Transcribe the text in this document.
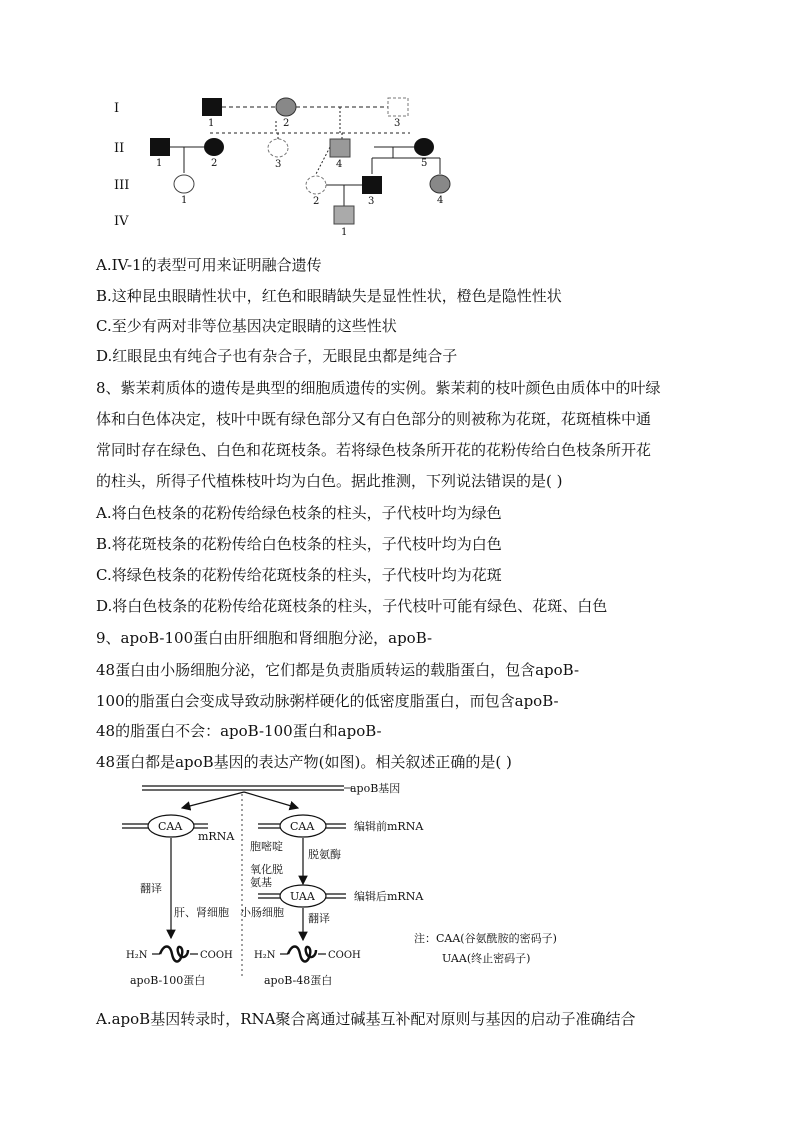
I
II
III
IV
1	2	3
1	2	3	4	5
1	2	3	4
1
A.IV-1的表型可用来证明融合遗传
B.这种昆虫眼睛性状中，红色和眼睛缺失是显性性状，橙色是隐性性状
C.至少有两对非等位基因决定眼睛的这些性状
D.红眼昆虫有纯合子也有杂合子，无眼昆虫都是纯合子
8、紫茉莉质体的遗传是典型的细胞质遗传的实例。紫茉莉的枝叶颜色由质体中的叶绿
体和白色体决定，枝叶中既有绿色部分又有白色部分的则被称为花斑，花斑植株中通
常同时存在绿色、白色和花斑枝条。若将绿色枝条所开花的花粉传给白色枝条所开花
的柱头，所得子代植株枝叶均为白色。据此推测，下列说法错误的是( )
A.将白色枝条的花粉传给绿色枝条的柱头，子代枝叶均为绿色
B.将花斑枝条的花粉传给白色枝条的柱头，子代枝叶均为白色
C.将绿色枝条的花粉传给花斑枝条的柱头，子代枝叶均为花斑
D.将白色枝条的花粉传给花斑枝条的柱头，子代枝叶可能有绿色、花斑、白色
9、apoB-100蛋白由肝细胞和肾细胞分泌，apoB-
48蛋白由小肠细胞分泌，它们都是负责脂质转运的载脂蛋白，包含apoB-
100的脂蛋白会变成导致动脉粥样硬化的低密度脂蛋白，而包含apoB-
48的脂蛋白不会：apoB-100蛋白和apoB-
48蛋白都是apoB基因的表达产物(如图)。相关叙述正确的是( )
apoB基因
CAA
mRNA
CAA	编辑前mRNA
胞嘧啶
脱氨酶
氧化脱
氨基
UAA	编辑后mRNA
翻译
肝、肾细胞 小肠细胞 翻译
H₂N	COOH H₂N	COOH
apoB-100蛋白	apoB-48蛋白
注：CAA(谷氨酰胺的密码子)
UAA(终止密码子)
A.apoB基因转录时，RNA聚合离通过碱基互补配对原则与基因的启动子准确结合
